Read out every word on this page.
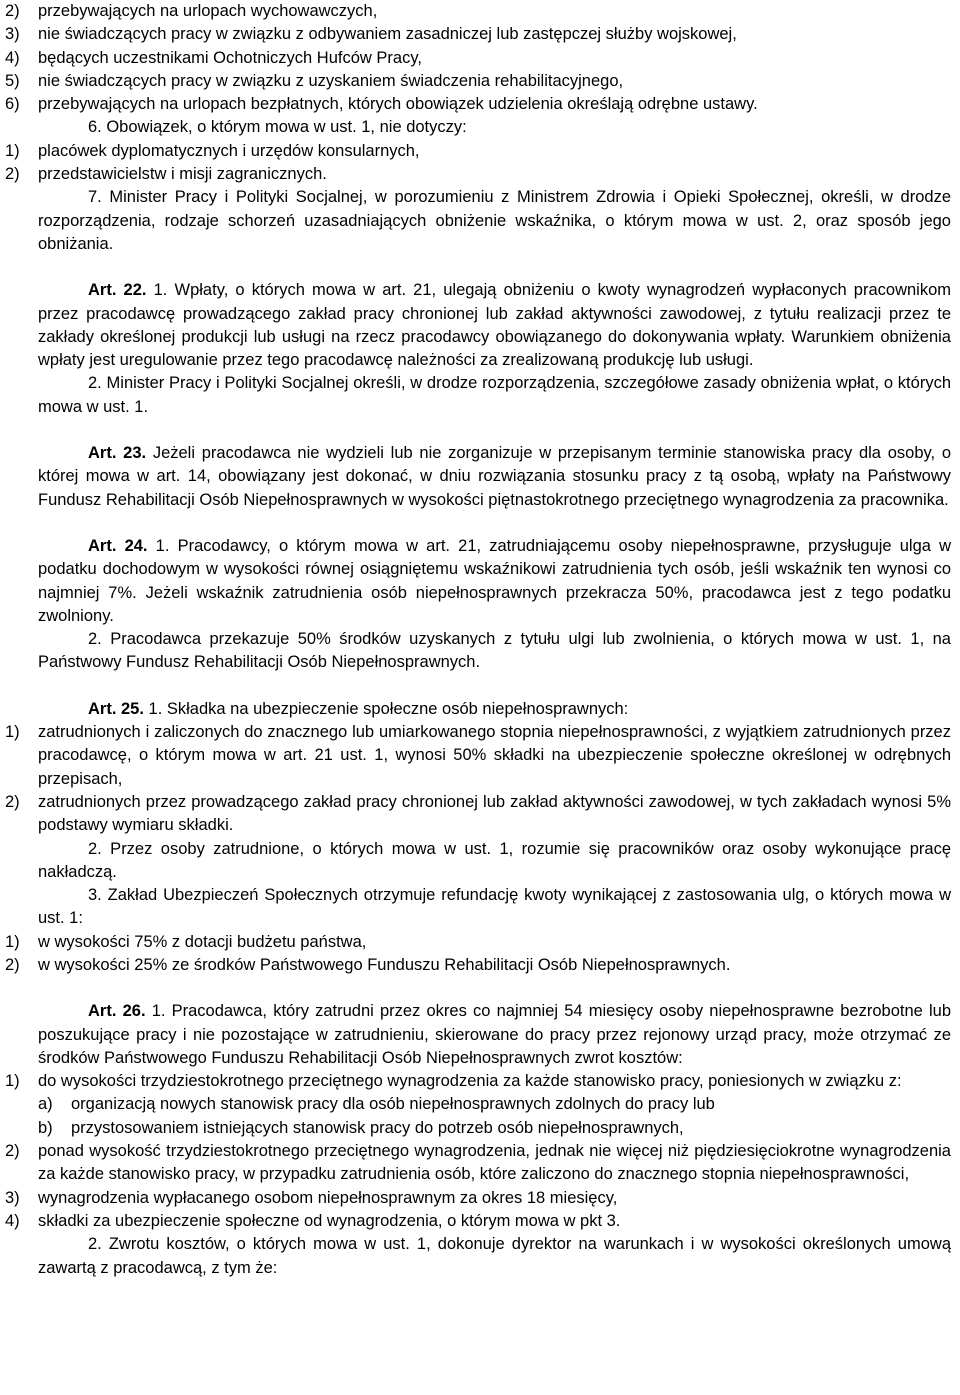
2)	przebywających na urlopach wychowawczych,
3)	nie świadczących pracy w związku z odbywaniem zasadniczej lub zastępczej służby wojskowej,
4)	będących uczestnikami Ochotniczych Hufców Pracy,
5)	nie świadczących pracy w związku z uzyskaniem świadczenia rehabilitacyjnego,
6)	przebywających na urlopach bezpłatnych, których obowiązek udzielenia określają odrębne ustawy.

6. Obowiązek, o którym mowa w ust. 1, nie dotyczy:

1)	placówek dyplomatycznych i urzędów konsularnych,
2)	przedstawicielstw i misji zagranicznych.

7. Minister Pracy i Polityki Socjalnej, w porozumieniu z Ministrem Zdrowia i Opieki Społecznej, określi, w drodze rozporządzenia, rodzaje schorzeń uzasadniających obniżenie wskaźnika, o którym mowa w ust. 2, oraz sposób jego obniżania.

Art. 22. 1. Wpłaty, o których mowa w art. 21, ulegają obniżeniu o kwoty wynagrodzeń wypłaconych pracownikom przez pracodawcę prowadzącego zakład pracy chronionej lub zakład aktywności zawodowej, z tytułu realizacji przez te zakłady określonej produkcji lub usługi na rzecz pracodawcy obowiązanego do dokonywania wpłaty. Warunkiem obniżenia wpłaty jest uregulowanie przez tego pracodawcę należności za zrealizowaną produkcję lub usługi.

2. Minister Pracy i Polityki Socjalnej określi, w drodze rozporządzenia, szczegółowe zasady obniżenia wpłat, o których mowa w ust. 1.

Art. 23. Jeżeli pracodawca nie wydzieli lub nie zorganizuje w przepisanym terminie stanowiska pracy dla osoby, o której mowa w art. 14, obowiązany jest dokonać, w dniu rozwiązania stosunku pracy z tą osobą, wpłaty na Państwowy Fundusz Rehabilitacji Osób Niepełnosprawnych w wysokości piętnastokrotnego przeciętnego wynagrodzenia za pracownika.

Art. 24. 1. Pracodawcy, o którym mowa w art. 21, zatrudniającemu osoby niepełnosprawne, przysługuje ulga w podatku dochodowym w wysokości równej osiągniętemu wskaźnikowi zatrudnienia tych osób, jeśli wskaźnik ten wynosi co najmniej 7%. Jeżeli wskaźnik zatrudnienia osób niepełnosprawnych przekracza 50%, pracodawca jest z tego podatku zwolniony.

2. Pracodawca przekazuje 50% środków uzyskanych z tytułu ulgi lub zwolnienia, o których mowa w ust. 1, na Państwowy Fundusz Rehabilitacji Osób Niepełnosprawnych.

Art. 25. 1. Składka na ubezpieczenie społeczne osób niepełnosprawnych:

1)	zatrudnionych i zaliczonych do znacznego lub umiarkowanego stopnia niepełnosprawności, z wyjątkiem zatrudnionych przez pracodawcę, o którym mowa w art. 21 ust. 1, wynosi 50% składki na ubezpieczenie społeczne określonej w odrębnych przepisach,
2)	zatrudnionych przez prowadzącego zakład pracy chronionej lub zakład aktywności zawodowej, w tych zakładach wynosi 5% podstawy wymiaru składki.

2. Przez osoby zatrudnione, o których mowa w ust. 1, rozumie się pracowników oraz osoby wykonujące pracę nakładczą.

3. Zakład Ubezpieczeń Społecznych otrzymuje refundację kwoty wynikającej z zastosowania ulg, o których mowa w ust. 1:

1)	w wysokości 75% z dotacji budżetu państwa,
2)	w wysokości 25% ze środków Państwowego Funduszu Rehabilitacji Osób Niepełnosprawnych.

Art. 26. 1. Pracodawca, który zatrudni przez okres co najmniej 54 miesięcy osoby niepełnosprawne bezrobotne lub poszukujące pracy i nie pozostające w zatrudnieniu, skierowane do pracy przez rejonowy urząd pracy, może otrzymać ze środków Państwowego Funduszu Rehabilitacji Osób Niepełnosprawnych zwrot kosztów:

1)	do wysokości trzydziestokrotnego przeciętnego wynagrodzenia za każde stanowisko pracy, poniesionych w związku z:
a)	organizacją nowych stanowisk pracy dla osób niepełnosprawnych zdolnych do pracy lub
b)	przystosowaniem istniejących stanowisk pracy do potrzeb osób niepełnosprawnych,
2)	ponad wysokość trzydziestokrotnego przeciętnego wynagrodzenia, jednak nie więcej niż piędziesięciokrotne wynagrodzenia za każde stanowisko pracy, w przypadku zatrudnienia osób, które zaliczono do znacznego stopnia niepełnosprawności,
3)	wynagrodzenia wypłacanego osobom niepełnosprawnym za okres 18 miesięcy,
4)	składki za ubezpieczenie społeczne od wynagrodzenia, o którym mowa w pkt 3.

2. Zwrotu kosztów, o których mowa w ust. 1, dokonuje dyrektor na warunkach i w wysokości określonych umową zawartą z pracodawcą, z tym że:
